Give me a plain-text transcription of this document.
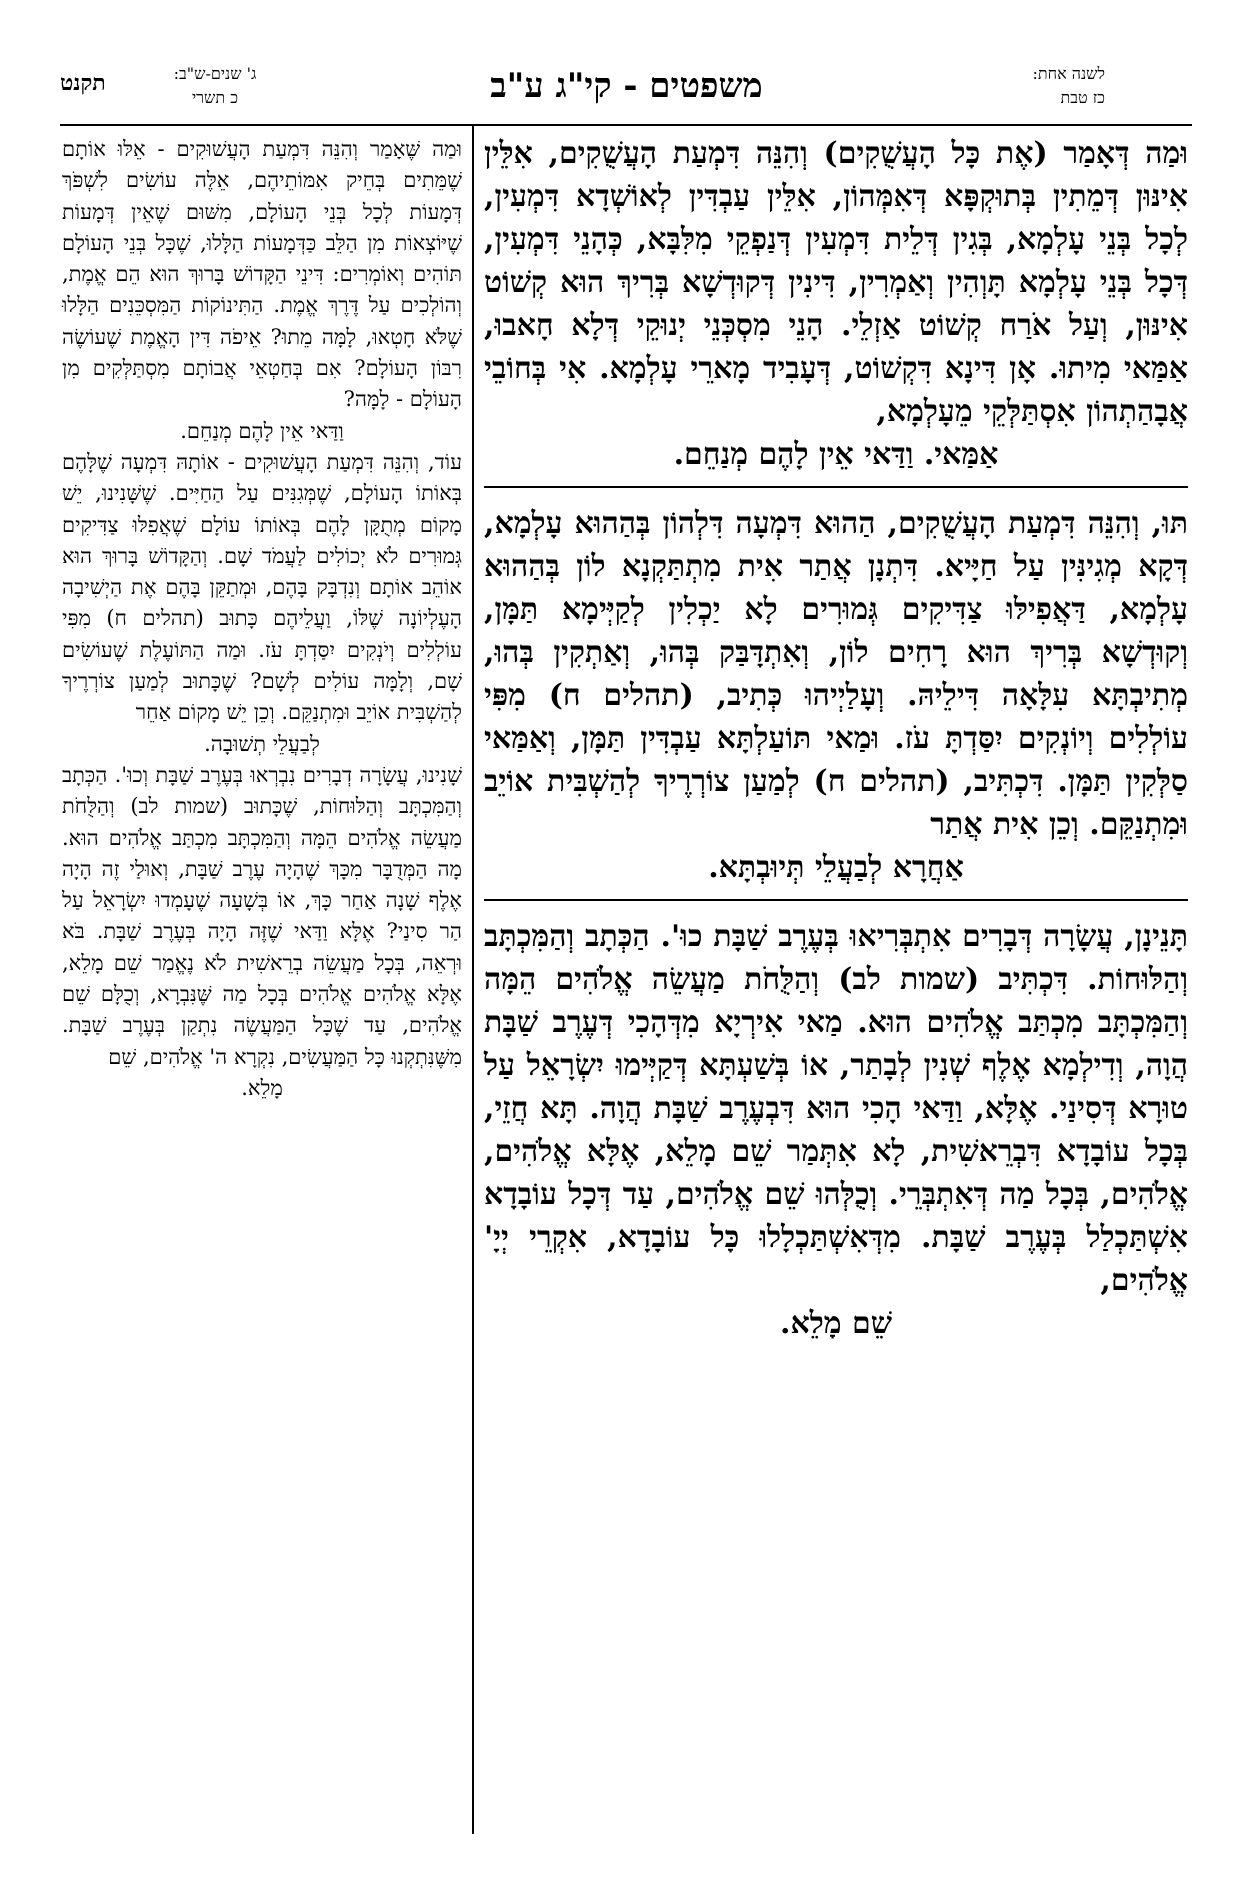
לשנה אחת:
כז טבת
משפטים - קי"ג ע"ב
ג' שנים-ש"ב:
כ תשרי
תקנט

וּמַה דְּאָמַר (אֶת כָּל הָעֲשֻׁקִים) וְהִנֵּה דִּמְעַת הָעֲשֻׁקִים, אִלֵּין אִינּוּן דְּמֵתִין בְּתוּקְפָּא דְּאִמְּהוֹן, אִלֵּין עַבְדִּין לְאוֹשְׁדָא דִּמְעִין, לְכָל בְּנֵי עָלְמָא, בְּגִין דְּלֵית דִּמְעִין דְּנַפְקֵי מִלִּבָּא, כְּהָנֵי דִּמְעִין, דְּכָל בְּנֵי עָלְמָא תָּוְהִין וְאַמְרִין, דִּינִין דְּקוּדְשָׁא בְּרִיךְ הוּא קְשׁוֹט אִינּוּן, וְעַל אֹרַח קְשׁוֹט אַזְלֵי. הָנֵי מִסְכְּנֵי יְנוּקֵי דְּלָא חָאבוּ, אַמַּאי מִיתוּ. אָן דִּינָא דִּקְשׁוֹט, דְּעָבִיד מָארֵי עָלְמָא. אִי בְּחוֹבֵי אֲבָהַתְהוֹן אִסְתַּלְּקֵי מֵעָלְמָא,

אַמַּאי. וַדַּאי אֵין לָהֶם מְנַחֵם.

תּוּ, וְהִנֵּה דִּמְעַת הָעֲשֻׁקִים, הַהוּא דִּמְעָה דִּלְהוֹן בְּהַהוּא עָלְמָא, דְּקָא מְגִינִּין עַל חַיָּיא. דִּתְנָן אֲתַר אִית מִתְתַּקְנָא לוֹן בְּהַהוּא עָלְמָא, דַּאֲפִילּוּ צַדִּיקִים גְּמוּרִים לָא יַכְלִין לְקַיְּימָא תַּמָּן, וְקוּדְשָׁא בְּרִיךְ הוּא רָחִים לוֹן, וְאִתְדָּבַּק בְּהוּ, וְאַתְקִין בְּהוּ, מְתִיבְתָּא עִלָּאָה דִּילֵיהּ. וְעָלַיְיהוּ כְּתִיב, (תהלים ח) מִפִּי עוֹלְלִים וְיוֹנְקִים יִסַּדְתָּ עֹז. וּמַאי תּוֹעַלְתָּא עַבְדִּין תַּמָּן, וְאַמַּאי סַלְּקִין תַּמָּן. דִּכְתִּיב, (תהלים ח) לְמַעַן צוֹרְרֶיךָ לְהַשְׁבִּית אוֹיֵב וּמִתְנַקֵּם. וְכֵן אִית אֲתַר

אַחֲרָא לְבַעֲלֵי תְּיוּבְתָּא.

תָּנֵינָן, עֲשָׂרָה דְּבָרִים אִתְבְּרִיאוּ בְּעֶרֶב שַׁבָּת כוּ'. הַכְּתָב וְהַמִּכְתָּב וְהַלּוּחוֹת. דִּכְתִּיב (שמות לב) וְהַלֻּחֹת מַעֲשֵׂה אֱלֹהִים הֵמָּה וְהַמִּכְתָּב מִכְתַּב אֱלֹהִים הוּא. מַאי אִירְיָא מִדְּהָכִי דְּעֶרֶב שַׁבָּת הֲוָה, וְדִילְמָא אֶלֶף שְׁנִין לְבָתַר, אוֹ בְּשַׁעְתָּא דְּקַיְּימוּ יִשְׂרָאֵל עַל טוּרָא דְּסִינַי. אֶלָּא, וַדַּאי הָכִי הוּא דִּבְעֶרֶב שַׁבָּת הֲוָה. תָּא חֲזֵי, בְּכָל עוֹבָדָא דִּבְרֵאשִׁית, לָא אִתְּמַר שֵׁם מָלֵא, אֶלָּא אֱלֹהִים, אֱלֹהִים, בְּכָל מַה דְּאִתְבְּרֵי. וְכֻלְּהוּ שֵׁם אֱלֹהִים, עַד דְּכָל עוֹבָדָא אִשְׁתַּכְלַל בְּעֶרֶב שַׁבָּת. מִדְּאִשְׁתַּכְלָלוּ כָּל עוֹבָדָא, אִקְרֵי יְיָ' אֱלֹהִים,

שֵׁם מָלֵא.

וּמַה שֶּׁאָמַר וְהִנֵּה דִּמְעַת הָעֲשׁוּקִים - אֵלּוּ אוֹתָם שֶׁמֵּתִים בְּחֵיק אִמּוֹתֵיהֶם, אֵלֶּה עוֹשִׂים לִשְׁפֹּךְ דְּמָעוֹת לְכָל בְּנֵי הָעוֹלָם, מִשּׁוּם שֶׁאֵין דְּמָעוֹת שֶׁיּוֹצְאוֹת מִן הַלֵּב כַּדְּמָעוֹת הַלָּלוּ, שֶׁכָּל בְּנֵי הָעוֹלָם תּוֹהִים וְאוֹמְרִים: דִּינֵי הַקָּדוֹשׁ בָּרוּךְ הוּא הֵם אֱמֶת, וְהוֹלְכִים עַל דֶּרֶךְ אֱמֶת. הַתִּינוֹקוֹת הַמִּסְכֵּנִים הַלָּלוּ שֶׁלֹּא חָטְאוּ, לָמָּה מֵתוּ? אֵיפֹה דִּין הָאֱמֶת שֶׁעוֹשֶׂה רִבּוֹן הָעוֹלָם? אִם בְּחַטְאֵי אֲבוֹתָם מִסְתַּלְּקִים מִן הָעוֹלָם - לָמָּה?

וַדַּאי אֵין לָהֶם מְנַחֵם.

עוֹד, וְהִנֵּה דִּמְעַת הָעֲשׁוּקִים - אוֹתָהּ דִּמְעָה שֶׁלָּהֶם בְּאוֹתוֹ הָעוֹלָם, שֶׁמְּגִנִּים עַל הַחַיִּים. שֶׁשָּׁנִינוּ, יֵשׁ מָקוֹם מְתֻקָּן לָהֶם בְּאוֹתוֹ עוֹלָם שֶׁאֲפִלּוּ צַדִּיקִים גְּמוּרִים לֹא יְכוֹלִים לַעֲמֹד שָׁם. וְהַקָּדוֹשׁ בָּרוּךְ הוּא אוֹהֵב אוֹתָם וְנִדְבָּק בָּהֶם, וּמְתַקֵּן בָּהֶם אֶת הַיְשִׁיבָה הָעֶלְיוֹנָה שֶׁלּוֹ, וַעֲלֵיהֶם כָּתוּב (תהלים ח) מִפִּי עוֹלְלִים וְיֹנְקִים יִסַּדְתָּ עֹז. וּמַה הַתּוֹעֶלֶת שֶׁעוֹשִׂים שָׁם, וְלָמָּה עוֹלִים לְשָׁם? שֶׁכָּתוּב לְמַעַן צוֹרְרֶיךָ לְהַשְׁבִּית אוֹיֵב וּמִתְנַקֵּם. וְכֵן יֵשׁ מָקוֹם אַחֵר

לְבַעֲלֵי תְשׁוּבָה.

שָׁנִינוּ, עֲשָׂרָה דְבָרִים נִבְרְאוּ בְּעֶרֶב שַׁבָּת וְכוּ'. הַכְּתָב וְהַמִּכְתָּב וְהַלּוּחוֹת, שֶׁכָּתוּב (שמות לב) וְהַלֻּחֹת מַעֲשֵׂה אֱלֹהִים הֵמָּה וְהַמִּכְתָּב מִכְתַּב אֱלֹהִים הוּא. מָה הַמְּדֻבָּר מִכָּךְ שֶׁהָיָה עֶרֶב שַׁבָּת, וְאוּלַי זֶה הָיָה אֶלֶף שָׁנָה אַחַר כָּךְ, אוֹ בְּשָׁעָה שֶׁעָמְדוּ יִשְׂרָאֵל עַל הַר סִינַי? אֶלָּא וַדַּאי שֶׁזֶּה הָיָה בְּעֶרֶב שַׁבָּת. בֹּא וּרְאֵה, בְּכָל מַעֲשֵׂה בְרֵאשִׁית לֹא נֶאֱמַר שֵׁם מָלֵא, אֶלָּא אֱלֹהִים אֱלֹהִים בְּכָל מַה שֶּׁנִּבְרָא, וְכֻלָּם שֵׁם אֱלֹהִים, עַד שֶׁכָּל הַמַּעֲשֶׂה נִתְקַן בְּעֶרֶב שַׁבָּת. מִשֶּׁנִּתְקְנוּ כָּל הַמַּעֲשִׂים, נִקְרָא ה' אֱלֹהִים, שֵׁם

מָלֵא.
